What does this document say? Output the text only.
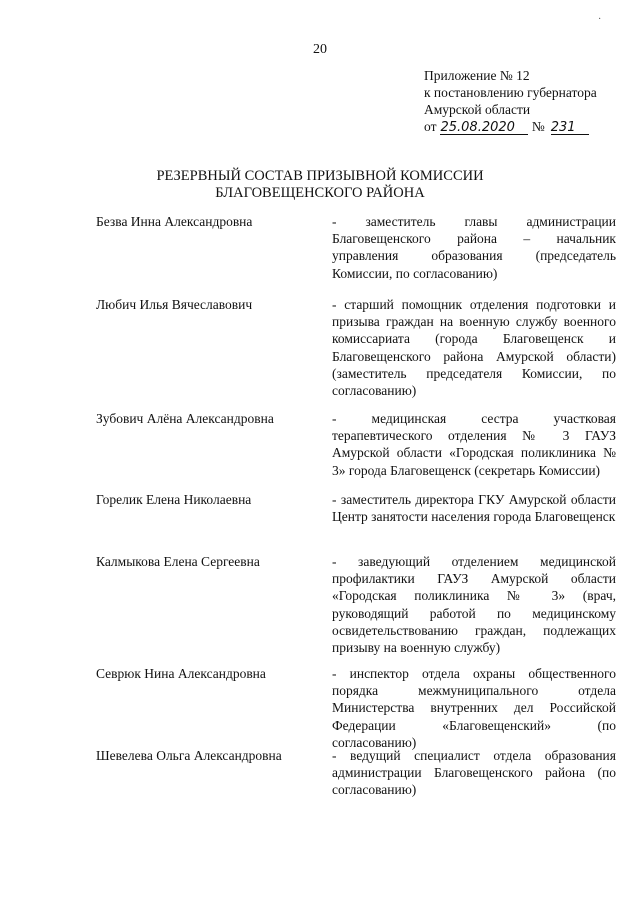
·
20
Приложение № 12
к постановлению губернатора
Амурской области
от 25.08.2020 № 231
РЕЗЕРВНЫЙ СОСТАВ ПРИЗЫВНОЙ КОМИССИИ
БЛАГОВЕЩЕНСКОГО РАЙОНА
Безва Инна Александровна	- заместитель главы администрации Благовещенского района – начальник управления образования (председатель Комиссии, по согласованию)
Любич Илья Вячеславович	- старший помощник отделения подготовки и призыва граждан на военную службу военного комиссариата (города Благовещенск и Благовещенского района Амурской области) (заместитель председателя Комиссии, по согласованию)
Зубович Алёна Александровна	- медицинская сестра участковая терапевтического отделения № 3 ГАУЗ Амурской области «Городская поликлиника № 3» города Благовещенск (секретарь Комиссии)
Горелик Елена Николаевна	- заместитель директора ГКУ Амурской области Центр занятости населения города Благовещенск
Калмыкова Елена Сергеевна	- заведующий отделением медицинской профилактики ГАУЗ Амурской области «Городская поликлиника № 3» (врач, руководящий работой по медицинскому освидетельствованию граждан, подлежащих призыву на военную службу)
Севрюк Нина Александровна	- инспектор отдела охраны общественного порядка межмуниципального отдела Министерства внутренних дел Российской Федерации «Благовещенский» (по согласованию)
Шевелева Ольга Александровна	- ведущий специалист отдела образования администрации Благовещенского района (по согласованию)
